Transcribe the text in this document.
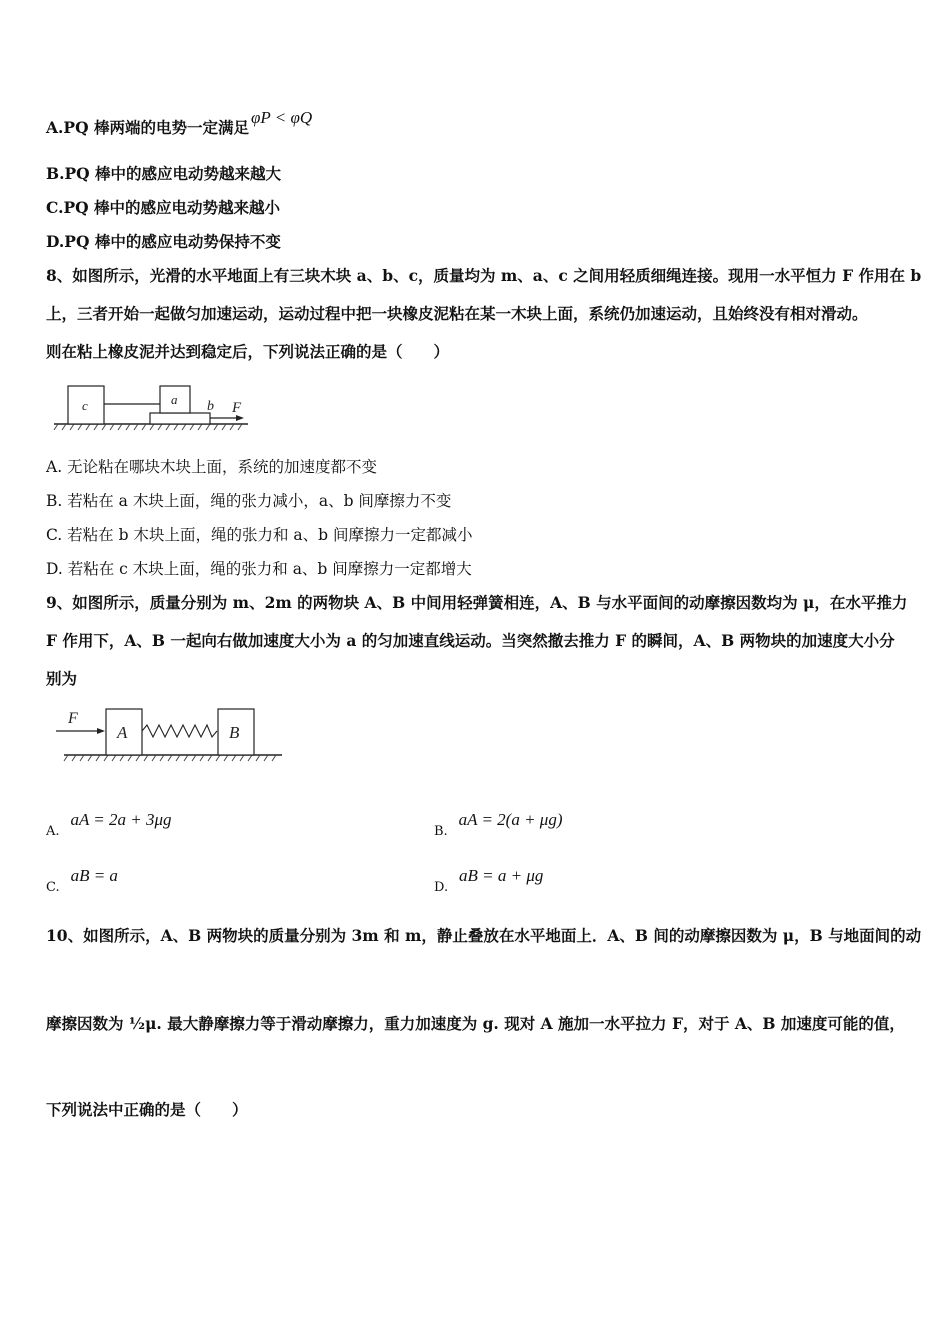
A.PQ 棒两端的电势一定满足φP < φQ
B.PQ 棒中的感应电动势越来越大
C.PQ 棒中的感应电动势越来越小
D.PQ 棒中的感应电动势保持不变
8、如图所示，光滑的水平地面上有三块木块 a、b、c，质量均为 m、a、c 之间用轻质细绳连接。现用一水平恒力 F 作用在 b
上，三者开始一起做匀加速运动，运动过程中把一块橡皮泥粘在某一木块上面，系统仍加速运动，且始终没有相对滑动。
则在粘上橡皮泥并达到稳定后，下列说法正确的是（　　）
c	a b F
A. 无论粘在哪块木块上面，系统的加速度都不变
B. 若粘在 a 木块上面，绳的张力减小，a、b 间摩擦力不变
C. 若粘在 b 木块上面，绳的张力和 a、b 间摩擦力一定都减小
D. 若粘在 c 木块上面，绳的张力和 a、b 间摩擦力一定都增大
9、如图所示，质量分别为 m、2m 的两物块 A、B 中间用轻弹簧相连，A、B 与水平面间的动摩擦因数均为 μ，在水平推力
F 作用下，A、B 一起向右做加速度大小为 a 的匀加速直线运动。当突然撤去推力 F 的瞬间，A、B 两物块的加速度大小分
别为
F
A	B
$_{A.}$ aA = 2a + 3μg
$_{B.}$ aA = 2(a + μg)
$_{C.}$ aB = a
$_{D.}$ aB = a + μg
10、如图所示，A、B 两物块的质量分别为 3m 和 m，静止叠放在水平地面上．A、B 间的动摩擦因数为 μ，B 与地面间的动
摩擦因数为 ½μ. 最大静摩擦力等于滑动摩擦力，重力加速度为 g. 现对 A 施加一水平拉力 F，对于 A、B 加速度可能的值，
下列说法中正确的是（　　）
